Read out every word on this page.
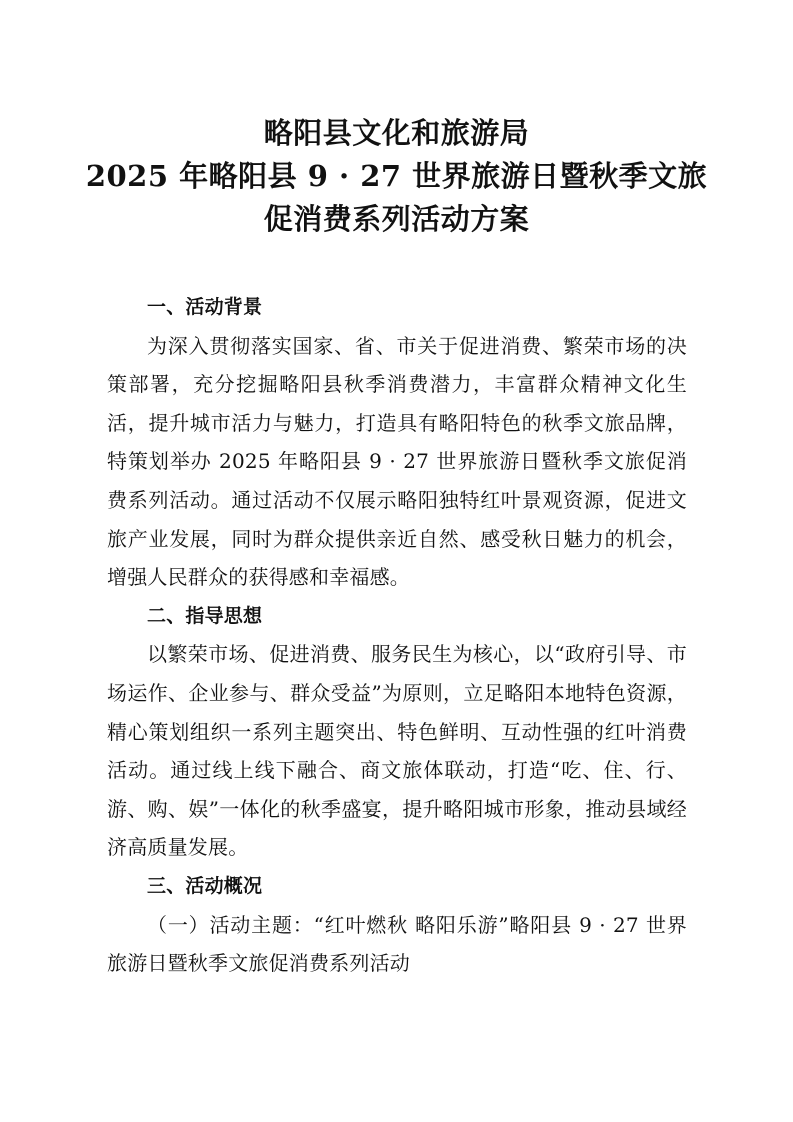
略阳县文化和旅游局
2025 年略阳县 9 · 27 世界旅游日暨秋季文旅
促消费系列活动方案

一、活动背景

为深入贯彻落实国家、省、市关于促进消费、繁荣市场的决策部署，充分挖掘略阳县秋季消费潜力，丰富群众精神文化生活，提升城市活力与魅力，打造具有略阳特色的秋季文旅品牌，特策划举办 2025 年略阳县 9 · 27 世界旅游日暨秋季文旅促消费系列活动。通过活动不仅展示略阳独特红叶景观资源，促进文旅产业发展，同时为群众提供亲近自然、感受秋日魅力的机会，增强人民群众的获得感和幸福感。

二、指导思想

以繁荣市场、促进消费、服务民生为核心，以“政府引导、市场运作、企业参与、群众受益”为原则，立足略阳本地特色资源，精心策划组织一系列主题突出、特色鲜明、互动性强的红叶消费活动。通过线上线下融合、商文旅体联动，打造“吃、住、行、游、购、娱”一体化的秋季盛宴，提升略阳城市形象，推动县域经济高质量发展。

三、活动概况

（一）活动主题：“红叶燃秋 略阳乐游”略阳县 9 · 27 世界旅游日暨秋季文旅促消费系列活动
